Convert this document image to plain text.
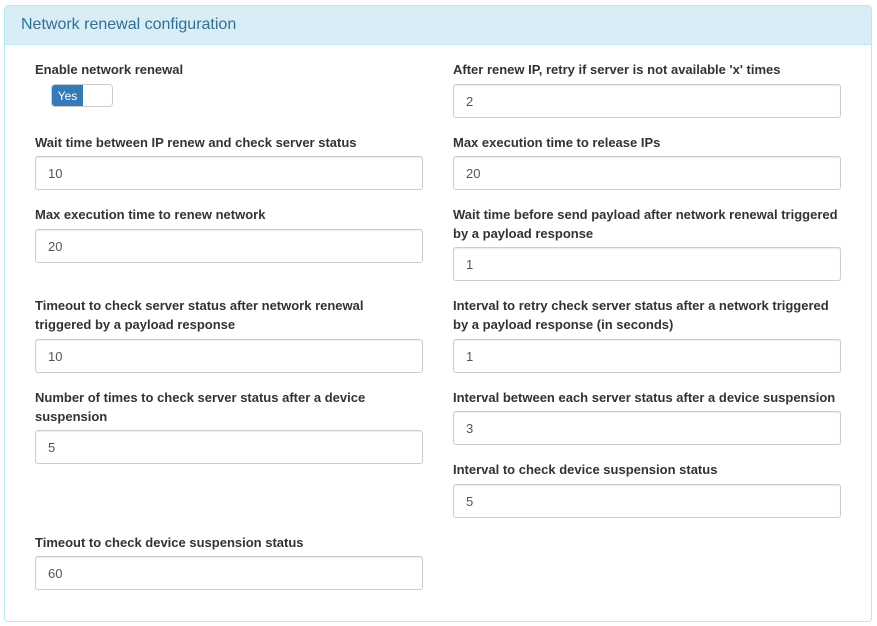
Network renewal configuration
Enable network renewal
Yes
Wait time between IP renew and check server status
10
Max execution time to renew network
20
Timeout to check server status after network renewal triggered by a payload response
10
Number of times to check server status after a device suspension
5
Timeout to check device suspension status
60
After renew IP, retry if server is not available 'x' times
2
Max execution time to release IPs
20
Wait time before send payload after network renewal triggered by a payload response
1
Interval to retry check server status after a network triggered by a payload response (in seconds)
1
Interval between each server status after a device suspension
3
Interval to check device suspension status
5
